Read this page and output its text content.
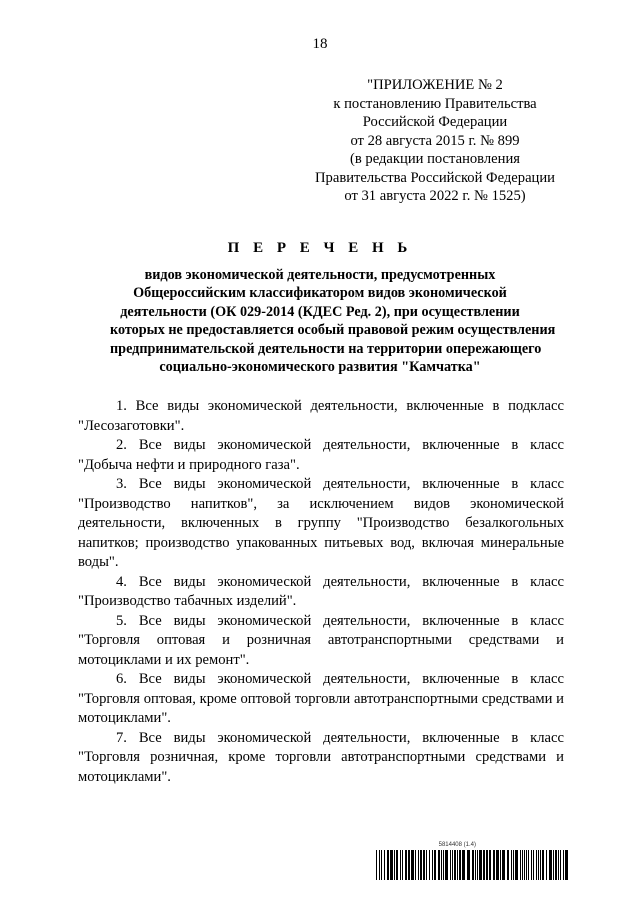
18
"ПРИЛОЖЕНИЕ № 2
к постановлению Правительства
Российской Федерации
от 28 августа 2015 г. № 899
(в редакции постановления
Правительства Российской Федерации
от 31 августа 2022 г. № 1525)
П Е Р Е Ч Е Н Ь
видов экономической деятельности, предусмотренных
Общероссийским классификатором видов экономической
деятельности (ОК 029-2014 (КДЕС Ред. 2), при осуществлении
которых не предоставляется особый правовой режим осуществления
предпринимательской деятельности на территории опережающего
социально-экономического развития "Камчатка"

1. Все виды экономической деятельности, включенные в подкласс "Лесозаготовки".

2. Все виды экономической деятельности, включенные в класс "Добыча нефти и природного газа".

3. Все виды экономической деятельности, включенные в класс "Производство напитков", за исключением видов экономической деятельности, включенных в группу "Производство безалкогольных напитков; производство упакованных питьевых вод, включая минеральные воды".

4. Все виды экономической деятельности, включенные в класс "Производство табачных изделий".

5. Все виды экономической деятельности, включенные в класс "Торговля оптовая и розничная автотранспортными средствами и мотоциклами и их ремонт".

6. Все виды экономической деятельности, включенные в класс "Торговля оптовая, кроме оптовой торговли автотранспортными средствами и мотоциклами".

7. Все виды экономической деятельности, включенные в класс "Торговля розничная, кроме торговли автотранспортными средствами и мотоциклами".

5814408 (1.4)
